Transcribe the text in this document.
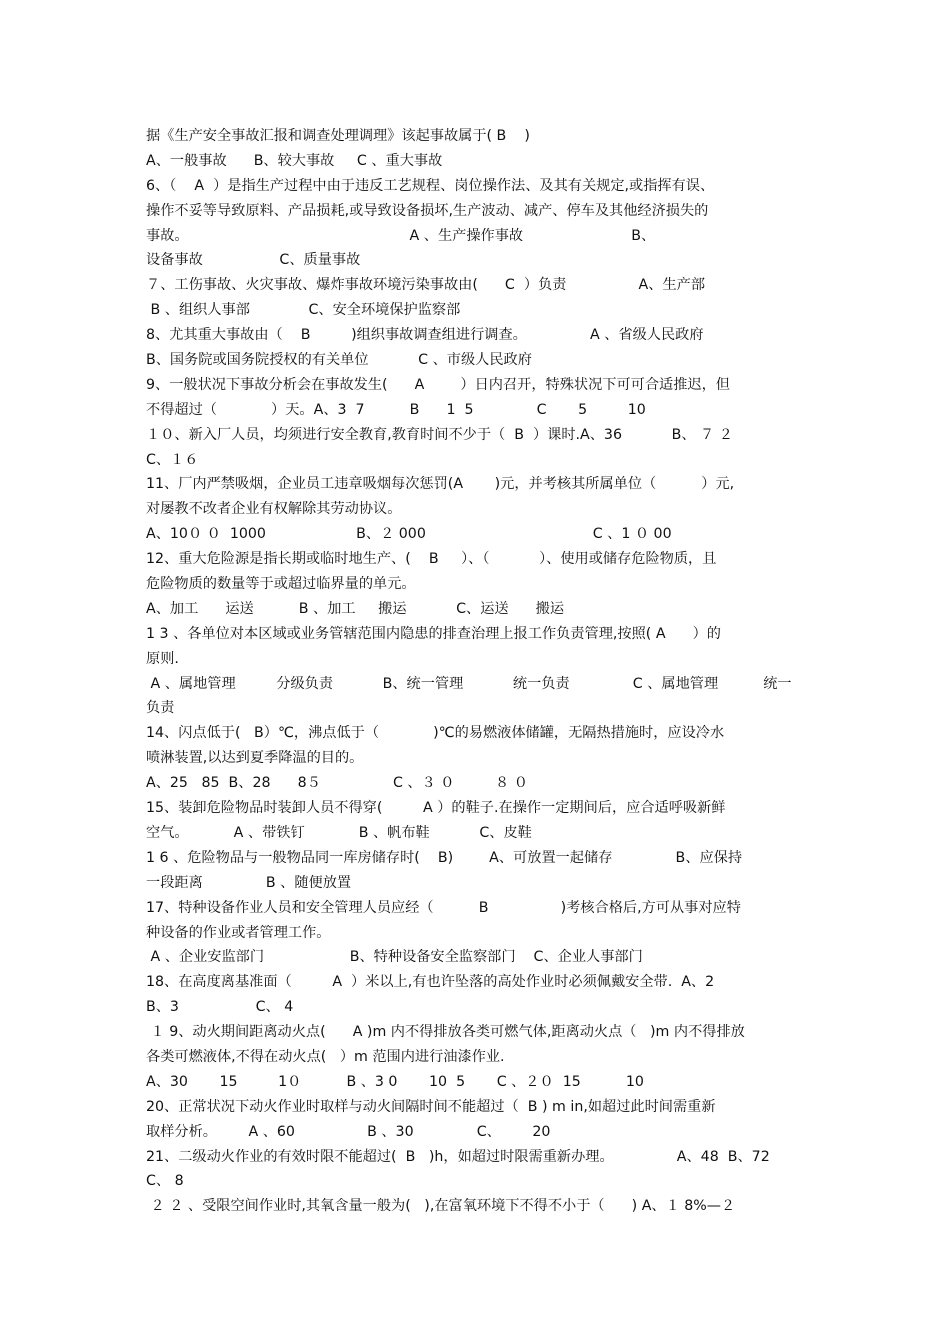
据《生产安全事故汇报和调查处理调理》该起事故属于( B    )
A、一般事故      B、较大事故     C 、重大事故
6、（    A  ）是指生产过程中由于违反工艺规程、岗位操作法、及其有关规定,或指挥有误、
操作不妥等导致原料、产品损耗,或导致设备损坏,生产波动、减产、停车及其他经济损失的
事故。                                                 A 、生产操作事故                        B、
设备事故                 C、质量事故
７、工伤事故、火灾事故、爆炸事故环境污染事故由(      C  ）负责                A、生产部
B 、组织人事部             C、安全环境保护监察部
8、尤其重大事故由（    B         )组织事故调查组进行调查。              A 、省级人民政府
B、国务院或国务院授权的有关单位           C 、市级人民政府
9、一般状况下事故分析会在事故发生(      A        ）日内召开，特殊状况下可可合适推迟，但
不得超过（            ）天。A、3  7          B      1  5              C       5         10
１０、新入厂人员，均须进行安全教育,教育时间不少于（  B  ）课时.A、36           B、 ７ ２
C、１６
11、厂内严禁吸烟，企业员工违章吸烟每次惩罚(A       )元，并考核其所属单位（          ）元,
对屡教不改者企业有权解除其劳动协议。
A、10０ ０  1000                    B、２ 000                                     C 、1 ０ 00
12、重大危险源是指长期或临时地生产、(    B     ）、（           ）、使用或储存危险物质，且
危险物质的数量等于或超过临界量的单元。
A、加工      运送          B 、加工     搬运           C、运送      搬运
1 3 、各单位对本区域或业务管辖范围内隐患的排查治理上报工作负责管理,按照( A      ）的
原则.
A 、属地管理         分级负责           B、统一管理           统一负责              C 、属地管理          统一
负责
14、闪点低于(   B）℃，沸点低于（            )℃的易燃液体储罐，无隔热措施时，应设冷水
喷淋装置,以达到夏季降温的目的。
A、25   85  B、28      8５                C 、３ ０         ８ ０
15、装卸危险物品时装卸人员不得穿(         A ）的鞋子.在操作一定期间后，应合适呼吸新鲜
空气。          A 、带铁钉            B 、帆布鞋           C、皮鞋
1 6 、危险物品与一般物品同一库房储存时(    B)        A、可放置一起储存              B、应保持
一段距离              B 、随便放置
17、特种设备作业人员和安全管理人员应经（          B                )考核合格后,方可从事对应特
种设备的作业或者管理工作。
A 、企业安监部门                   B、特种设备安全监察部门    C、企业人事部门
18、在高度离基准面（         A  ）米以上,有也许坠落的高处作业时必须佩戴安全带.  A、2
B、3                 C、 4
１ 9、动火期间距离动火点(      A )m 内不得排放各类可燃气体,距离动火点（   )m 内不得排放
各类可燃液体,不得在动火点(   ）m 范围内进行油漆作业.
A、30       15         1０          B 、3 0       10  5       C 、２０  15          10
20、正常状况下动火作业时取样与动火间隔时间不能超过（  B ) m in,如超过此时间需重新
取样分析。       A 、60                B 、30              C、       20
21、二级动火作业的有效时限不能超过(  B   )h，如超过时限需重新办理。              A、48  B、72
C、 8
２ ２ 、受限空间作业时,其氧含量一般为(   ),在富氧环境下不得不小于（      ) A、１ 8%—２
